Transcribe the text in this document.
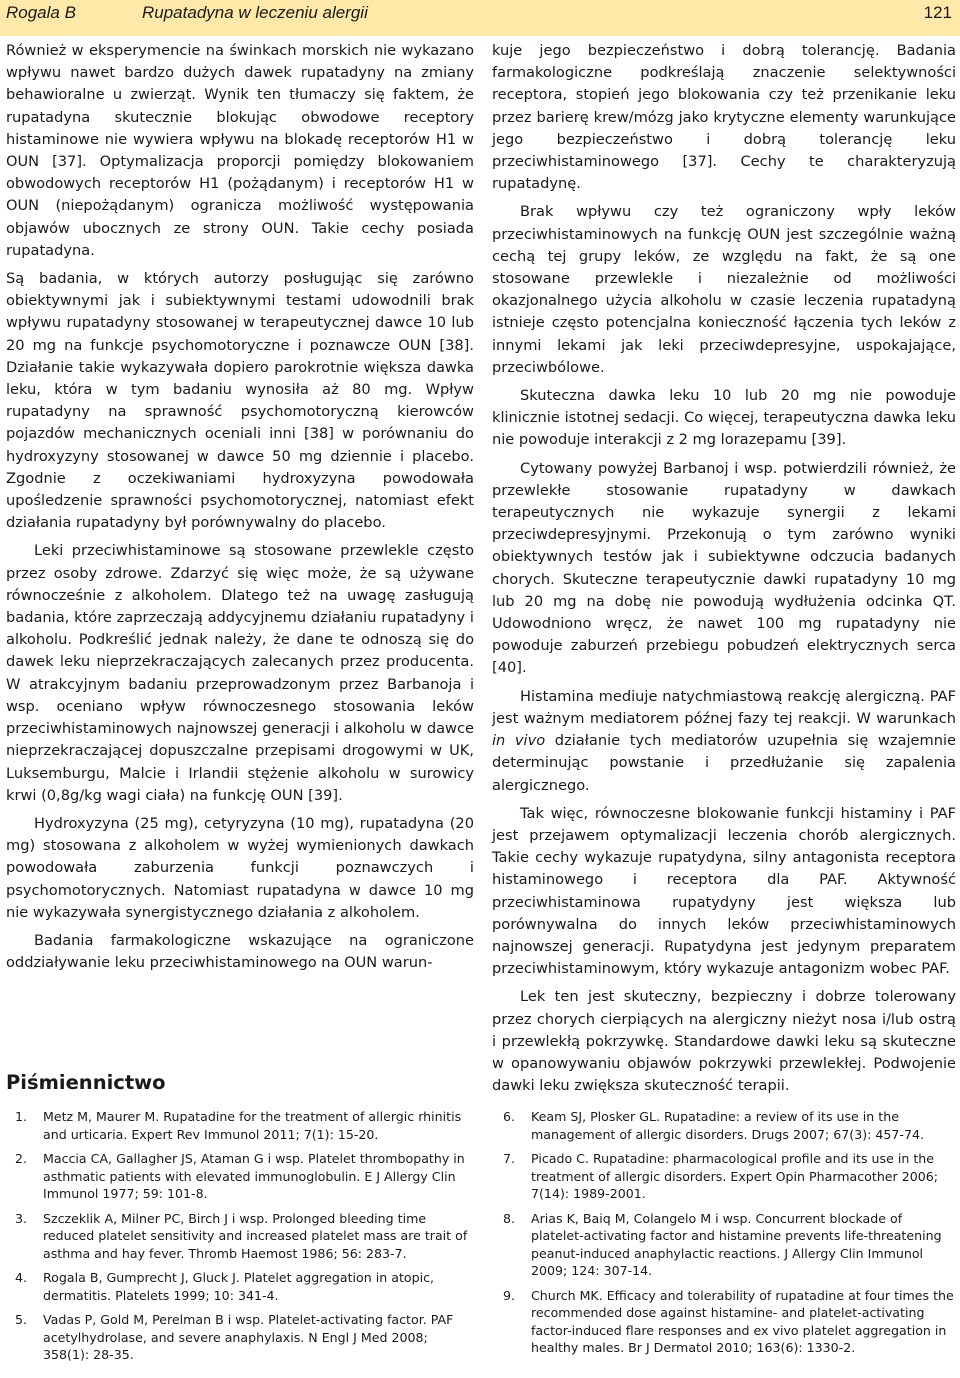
Rogala B	Rupatadyna w leczeniu alergii	121

Również w eksperymencie na świnkach morskich nie wykazano wpływu nawet bardzo dużych dawek rupatadyny na zmiany behawioralne u zwierząt. Wynik ten tłumaczy się faktem, że rupatadyna skutecznie blokując obwodowe receptory histaminowe nie wywiera wpływu na blokadę receptorów H1 w OUN [37]. Optymalizacja proporcji pomiędzy blokowaniem obwodowych receptorów H1 (pożądanym) i receptorów H1 w OUN (niepożądanym) ogranicza możliwość występowania objawów ubocznych ze strony OUN. Takie cechy posiada rupatadyna.

Są badania, w których autorzy posługując się zarówno obiektywnymi jak i subiektywnymi testami udowodnili brak wpływu rupatadyny stosowanej w terapeutycznej dawce 10 lub 20 mg na funkcje psychomotoryczne i poznawcze OUN [38]. Działanie takie wykazywała dopiero parokrotnie większa dawka leku, która w tym badaniu wynosiła aż 80 mg. Wpływ rupatadyny na sprawność psychomotoryczną kierowców pojazdów mechanicznych oceniali inni [38] w porównaniu do hydroxyzyny stosowanej w dawce 50 mg dziennie i placebo. Zgodnie z oczekiwaniami hydroxyzyna powodowała upośledzenie sprawności psychomotorycznej, natomiast efekt działania rupatadyny był porównywalny do placebo.

Leki przeciwhistaminowe są stosowane przewlekle często przez osoby zdrowe. Zdarzyć się więc może, że są używane równocześnie z alkoholem. Dlatego też na uwagę zasługują badania, które zaprzeczają addycyjnemu działaniu rupatadyny i alkoholu. Podkreślić jednak należy, że dane te odnoszą się do dawek leku nieprzekraczających zalecanych przez producenta. W atrakcyjnym badaniu przeprowadzonym przez Barbanoja i wsp. oceniano wpływ równoczesnego stosowania leków przeciwhistaminowych najnowszej generacji i alkoholu w dawce nieprzekraczającej dopuszczalne przepisami drogowymi w UK, Luksemburgu, Malcie i Irlandii stężenie alkoholu w surowicy krwi (0,8g/kg wagi ciała) na funkcję OUN [39].

Hydroxyzyna (25 mg), cetyryzyna (10 mg), rupatadyna (20 mg) stosowana z alkoholem w wyżej wymienionych dawkach powodowała zaburzenia funkcji poznawczych i psychomotorycznych. Natomiast rupatadyna w dawce 10 mg nie wykazywała synergistycznego działania z alkoholem.

Badania farmakologiczne wskazujące na ograniczone oddziaływanie leku przeciwhistaminowego na OUN warun-

kuje jego bezpieczeństwo i dobrą tolerancję. Badania farmakologiczne podkreślają znaczenie selektywności receptora, stopień jego blokowania czy też przenikanie leku przez barierę krew/mózg jako krytyczne elementy warunkujące jego bezpieczeństwo i dobrą tolerancję leku przeciwhistaminowego [37]. Cechy te charakteryzują rupatadynę.

Brak wpływu czy też ograniczony wpły leków przeciwhistaminowych na funkcję OUN jest szczególnie ważną cechą tej grupy leków, ze względu na fakt, że są one stosowane przewlekle i niezależnie od możliwości okazjonalnego użycia alkoholu w czasie leczenia rupatadyną istnieje często potencjalna konieczność łączenia tych leków z innymi lekami jak leki przeciwdepresyjne, uspokajające, przeciwbólowe.

Skuteczna dawka leku 10 lub 20 mg nie powoduje klinicznie istotnej sedacji. Co więcej, terapeutyczna dawka leku nie powoduje interakcji z 2 mg lorazepamu [39].

Cytowany powyżej Barbanoj i wsp. potwierdzili również, że przewlekłe stosowanie rupatadyny w dawkach terapeutycznych nie wykazuje synergii z lekami przeciwdepresyjnymi. Przekonują o tym zarówno wyniki obiektywnych testów jak i subiektywne odczucia badanych chorych. Skuteczne terapeutycznie dawki rupatadyny 10 mg lub 20 mg na dobę nie powodują wydłużenia odcinka QT. Udowodniono wręcz, że nawet 100 mg rupatadyny nie powoduje zaburzeń przebiegu pobudzeń elektrycznych serca [40].

Histamina mediuje natychmiastową reakcję alergiczną. PAF jest ważnym mediatorem późnej fazy tej reakcji. W warunkach in vivo działanie tych mediatorów uzupełnia się wzajemnie determinując powstanie i przedłużanie się zapalenia alergicznego.

Tak więc, równoczesne blokowanie funkcji histaminy i PAF jest przejawem optymalizacji leczenia chorób alergicznych. Takie cechy wykazuje rupatydyna, silny antagonista receptora histaminowego i receptora dla PAF. Aktywność przeciwhistaminowa rupatydyny jest większa lub porównywalna do innych leków przeciwhistaminowych najnowszej generacji. Rupatydyna jest jedynym preparatem przeciwhistaminowym, który wykazuje antagonizm wobec PAF.

Lek ten jest skuteczny, bezpieczny i dobrze tolerowany przez chorych cierpiących na alergiczny nieżyt nosa i/lub ostrą i przewlekłą pokrzywkę. Standardowe dawki leku są skuteczne w opanowywaniu objawów pokrzywki przewlekłej. Podwojenie dawki leku zwiększa skuteczność terapii.

Piśmiennictwo
1. Metz M, Maurer M. Rupatadine for the treatment of allergic rhinitis and urticaria. Expert Rev Immunol 2011; 7(1): 15-20.
2. Maccia CA, Gallagher JS, Ataman G i wsp. Platelet thrombopathy in asthmatic patients with elevated immunoglobulin. E J Allergy Clin Immunol 1977; 59: 101-8.
3. Szczeklik A, Milner PC, Birch J i wsp. Prolonged bleeding time reduced platelet sensitivity and increased platelet mass are trait of asthma and hay fever. Thromb Haemost 1986; 56: 283-7.
4. Rogala B, Gumprecht J, Gluck J. Platelet aggregation in atopic, dermatitis. Platelets 1999; 10: 341-4.
5. Vadas P, Gold M, Perelman B i wsp. Platelet-activating factor. PAF acetylhydrolase, and severe anaphylaxis. N Engl J Med 2008; 358(1): 28-35.
6. Keam SJ, Plosker GL. Rupatadine: a review of its use in the management of allergic disorders. Drugs 2007; 67(3): 457-74.
7. Picado C. Rupatadine: pharmacological profile and its use in the treatment of allergic disorders. Expert Opin Pharmacother 2006; 7(14): 1989-2001.
8. Arias K, Baiq M, Colangelo M i wsp. Concurrent blockade of platelet-activating factor and histamine prevents life-threatening peanut-induced anaphylactic reactions. J Allergy Clin Immunol 2009; 124: 307-14.
9. Church MK. Efficacy and tolerability of rupatadine at four times the recommended dose against histamine- and platelet-activating factor-induced flare responses and ex vivo platelet aggregation in healthy males. Br J Dermatol 2010; 163(6): 1330-2.
